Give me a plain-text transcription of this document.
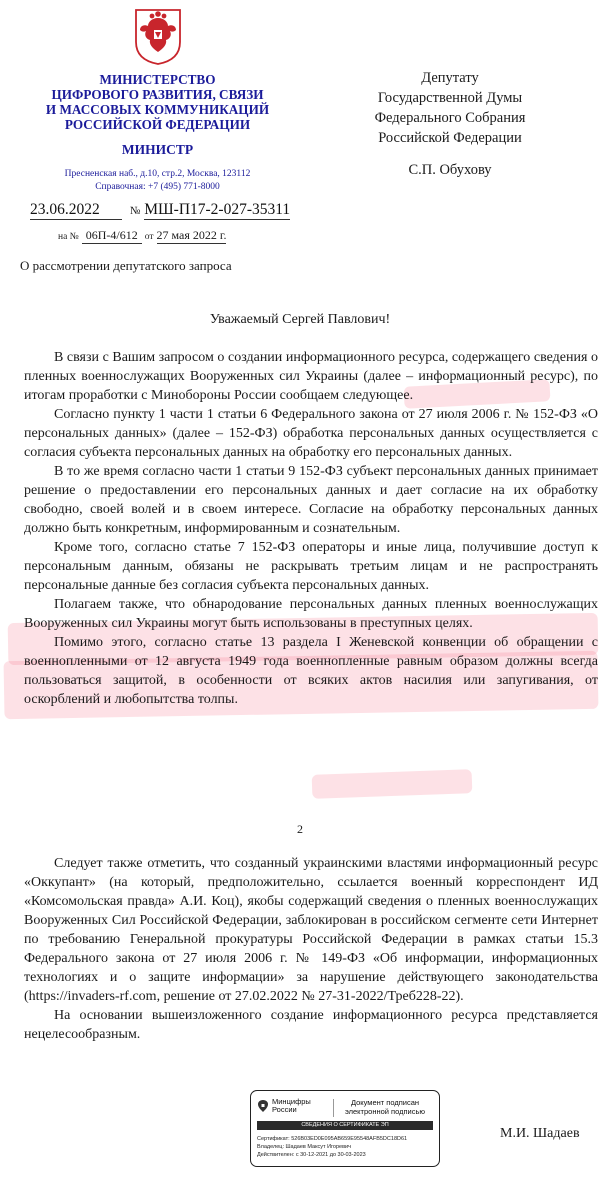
МИНИСТЕРСТВО
ЦИФРОВОГО РАЗВИТИЯ, СВЯЗИ
И МАССОВЫХ КОММУНИКАЦИЙ
РОССИЙСКОЙ ФЕДЕРАЦИИ
МИНИСТР
Пресненская наб., д.10, стр.2, Москва, 123112
Справочная: +7 (495) 771-8000
23.06.2022	№ МШ-П17-2-027-35311
на № 06П-4/612 от 27 мая 2022 г.
Депутату
Государственной Думы
Федерального Собрания
Российской Федерации
С.П. Обухову
О рассмотрении депутатского запроса
Уважаемый Сергей Павлович!
В связи с Вашим запросом о создании информационного ресурса, содержащего сведения о пленных военнослужащих Вооруженных сил Украины (далее – информационный ресурс), по итогам проработки с Минобороны России сообщаем следующее.
Согласно пункту 1 части 1 статьи 6 Федерального закона от 27 июля 2006 г. № 152-ФЗ «О персональных данных» (далее – 152-ФЗ) обработка персональных данных осуществляется с согласия субъекта персональных данных на обработку его персональных данных.
В то же время согласно части 1 статьи 9 152-ФЗ субъект персональных данных принимает решение о предоставлении его персональных данных и дает согласие на их обработку свободно, своей волей и в своем интересе. Согласие на обработку персональных данных должно быть конкретным, информированным и сознательным.
Кроме того, согласно статье 7 152-ФЗ операторы и иные лица, получившие доступ к персональным данным, обязаны не раскрывать третьим лицам и не распространять персональные данные без согласия субъекта персональных данных.
Полагаем также, что обнародование персональных данных пленных военнослужащих Вооруженных сил Украины могут быть использованы в преступных целях.
Помимо этого, согласно статье 13 раздела I Женевской конвенции об обращении с военнопленными от 12 августа 1949 года военнопленные равным образом должны всегда пользоваться защитой, в особенности от всяких актов насилия или запугивания, от оскорблений и любопытства толпы.
2
Следует также отметить, что созданный украинскими властями информационный ресурс «Оккупант» (на который, предположительно, ссылается военный корреспондент ИД «Комсомольская правда» А.И. Коц), якобы содержащий сведения о пленных военнослужащих Вооруженных Сил Российской Федерации, заблокирован в российском сегменте сети Интернет по требованию Генеральной прокуратуры Российской Федерации в рамках статьи 15.3 Федерального закона от 27 июля 2006 г. № 149-ФЗ «Об информации, информационных технологиях и о защите информации» за нарушение действующего законодательства (https://invaders-rf.com, решение от 27.02.2022 № 27-31-2022/Треб228-22).
На основании вышеизложенного создание информационного ресурса представляется нецелесообразным.
Минцифры
России
Документ подписан
электронной подписью
СВЕДЕНИЯ О СЕРТИФИКАТЕ ЭП
Сертификат: 526B03ED0E095AB659E95548AFB5DC18D61
Владелец: Шадаев Максут Игоревич
Действителен: с 30-12-2021 до 30-03-2023
М.И. Шадаев
